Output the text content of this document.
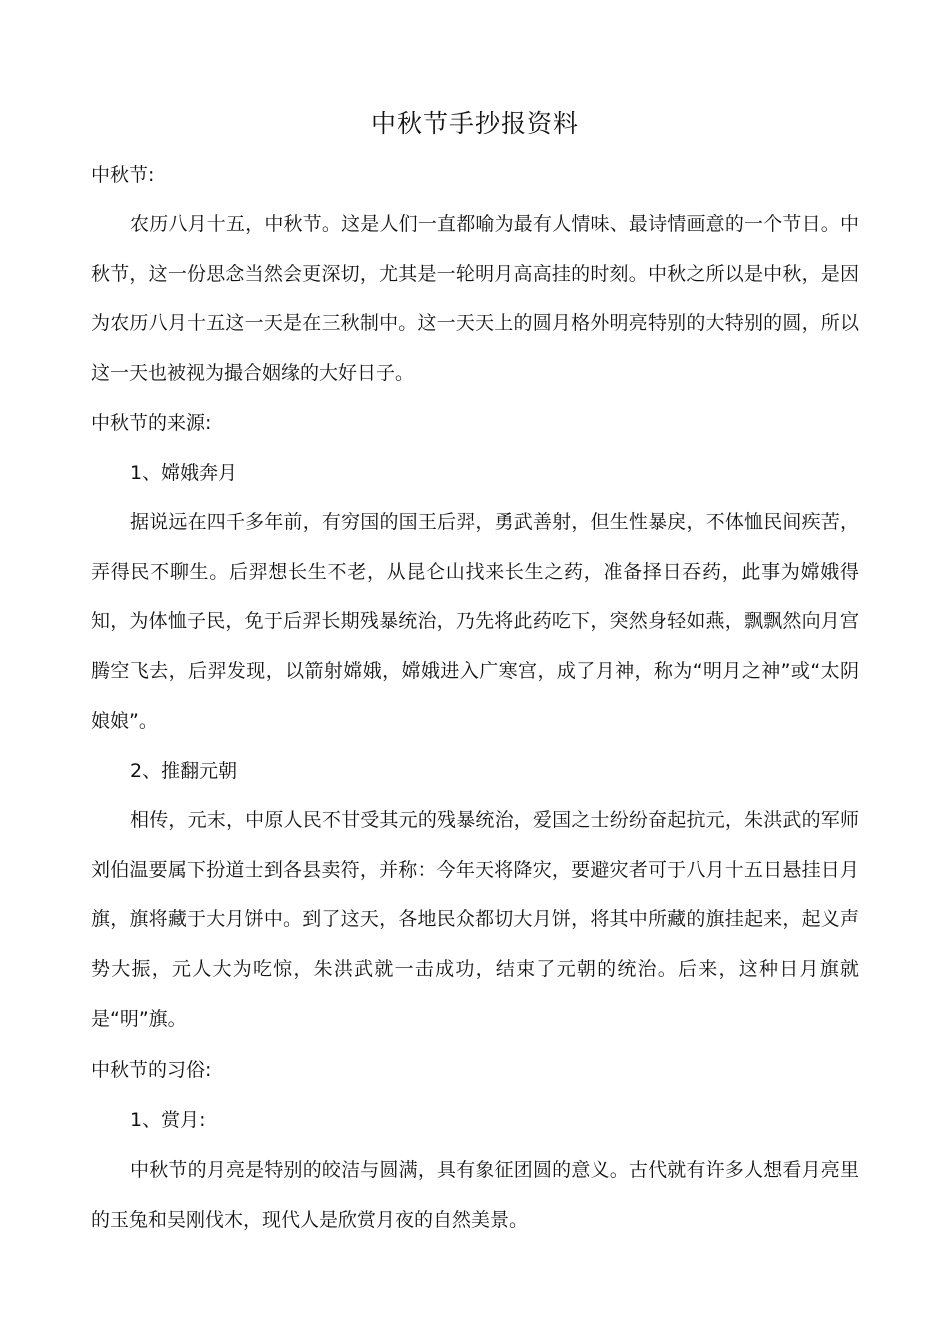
中秋节手抄报资料

中秋节:

农历八月十五，中秋节。这是人们一直都喻为最有人情味、最诗情画意的一个节日。中秋节，这一份思念当然会更深切，尤其是一轮明月高高挂的时刻。中秋之所以是中秋，是因为农历八月十五这一天是在三秋制中。这一天天上的圆月格外明亮特别的大特别的圆，所以这一天也被视为撮合姻缘的大好日子。

中秋节的来源:

1、嫦娥奔月

据说远在四千多年前，有穷国的国王后羿，勇武善射，但生性暴戾，不体恤民间疾苦，弄得民不聊生。后羿想长生不老，从昆仑山找来长生之药，准备择日吞药，此事为嫦娥得知，为体恤子民，免于后羿长期残暴统治，乃先将此药吃下，突然身轻如燕，飘飘然向月宫腾空飞去，后羿发现，以箭射嫦娥，嫦娥进入广寒宫，成了月神，称为“明月之神”或“太阴娘娘”。

2、推翻元朝

相传，元末，中原人民不甘受其元的残暴统治，爱国之士纷纷奋起抗元，朱洪武的军师刘伯温要属下扮道士到各县卖符，并称：今年天将降灾，要避灾者可于八月十五日悬挂日月旗，旗将藏于大月饼中。到了这天，各地民众都切大月饼，将其中所藏的旗挂起来，起义声势大振，元人大为吃惊，朱洪武就一击成功，结束了元朝的统治。后来，这种日月旗就是“明”旗。

中秋节的习俗:

1、赏月:

中秋节的月亮是特别的皎洁与圆满，具有象征团圆的意义。古代就有许多人想看月亮里的玉兔和吴刚伐木，现代人是欣赏月夜的自然美景。
